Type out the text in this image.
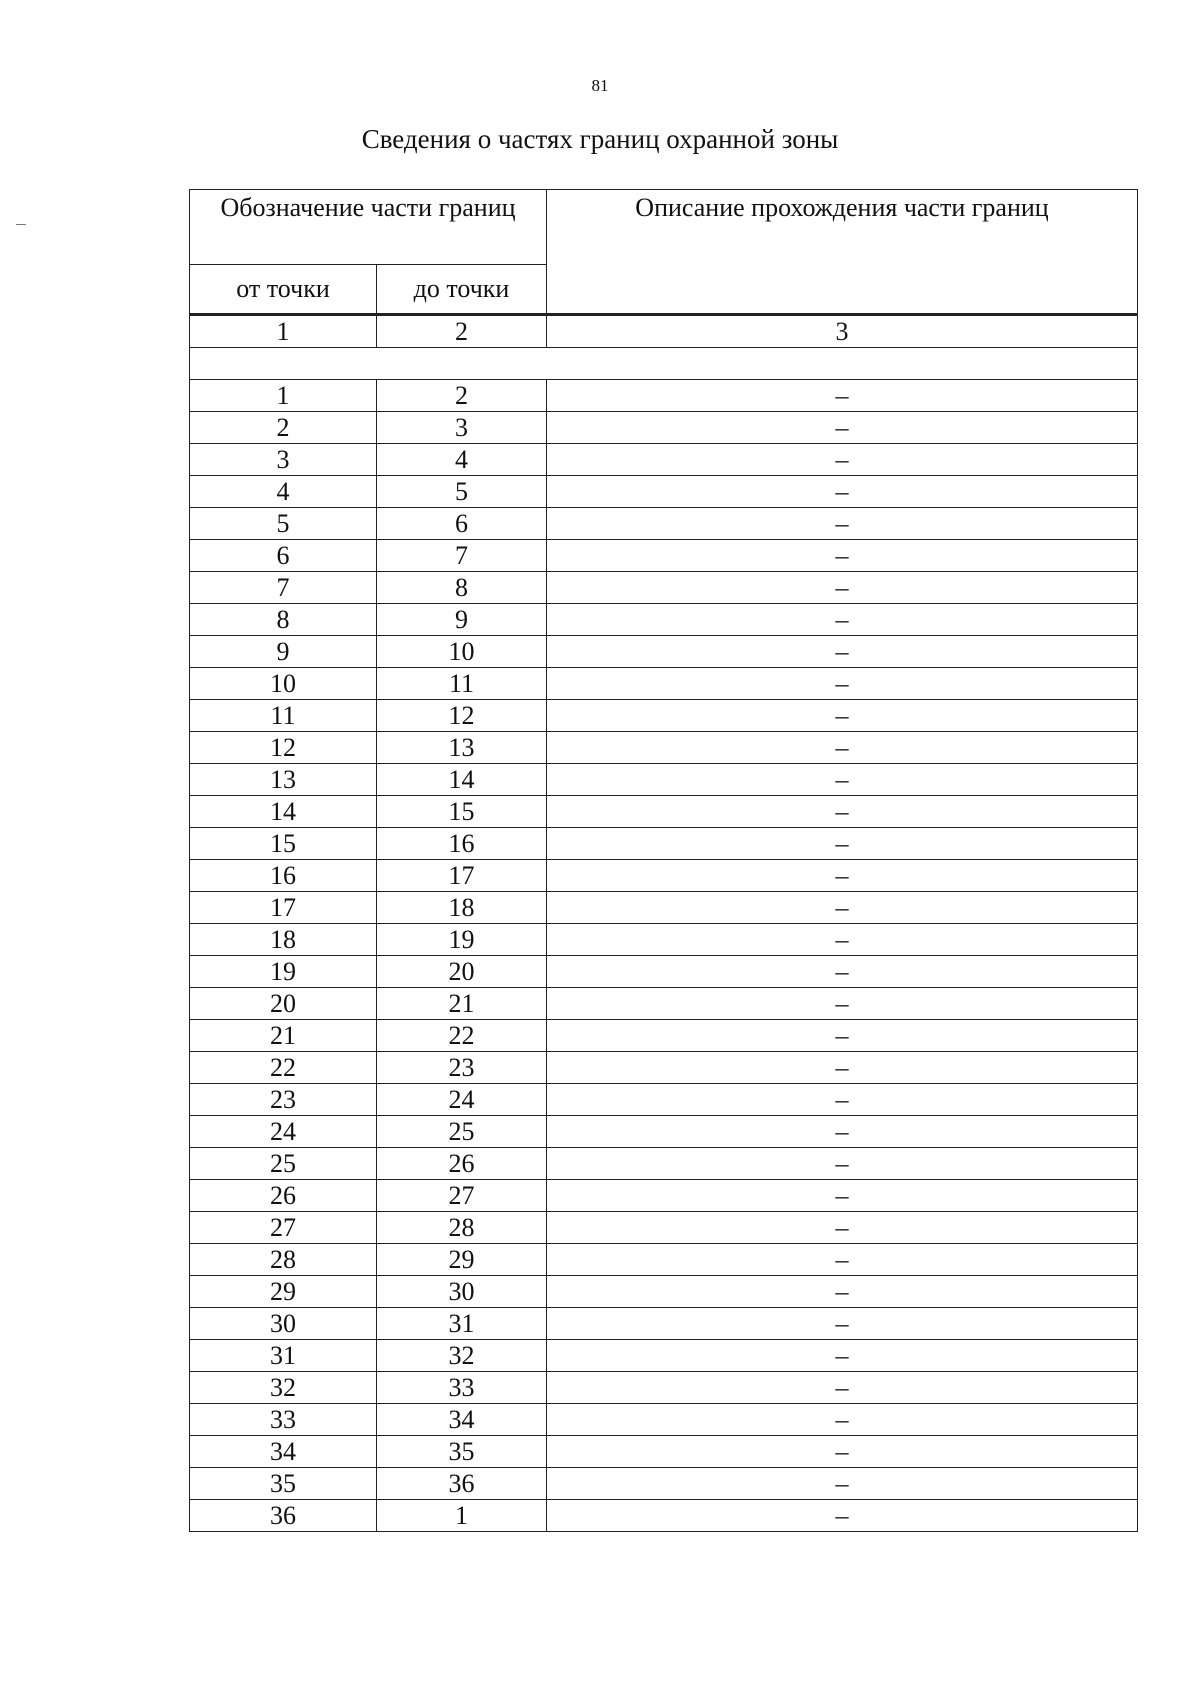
81
Сведения о частях границ охранной зоны
Обозначение части границ		Описание прохождения части границ
от точки	до точки	
1	2	3

1	2	–
2	3	–
3	4	–
4	5	–
5	6	–
6	7	–
7	8	–
8	9	–
9	10	–
10	11	–
11	12	–
12	13	–
13	14	–
14	15	–
15	16	–
16	17	–
17	18	–
18	19	–
19	20	–
20	21	–
21	22	–
22	23	–
23	24	–
24	25	–
25	26	–
26	27	–
27	28	–
28	29	–
29	30	–
30	31	–
31	32	–
32	33	–
33	34	–
34	35	–
35	36	–
36	1	–
